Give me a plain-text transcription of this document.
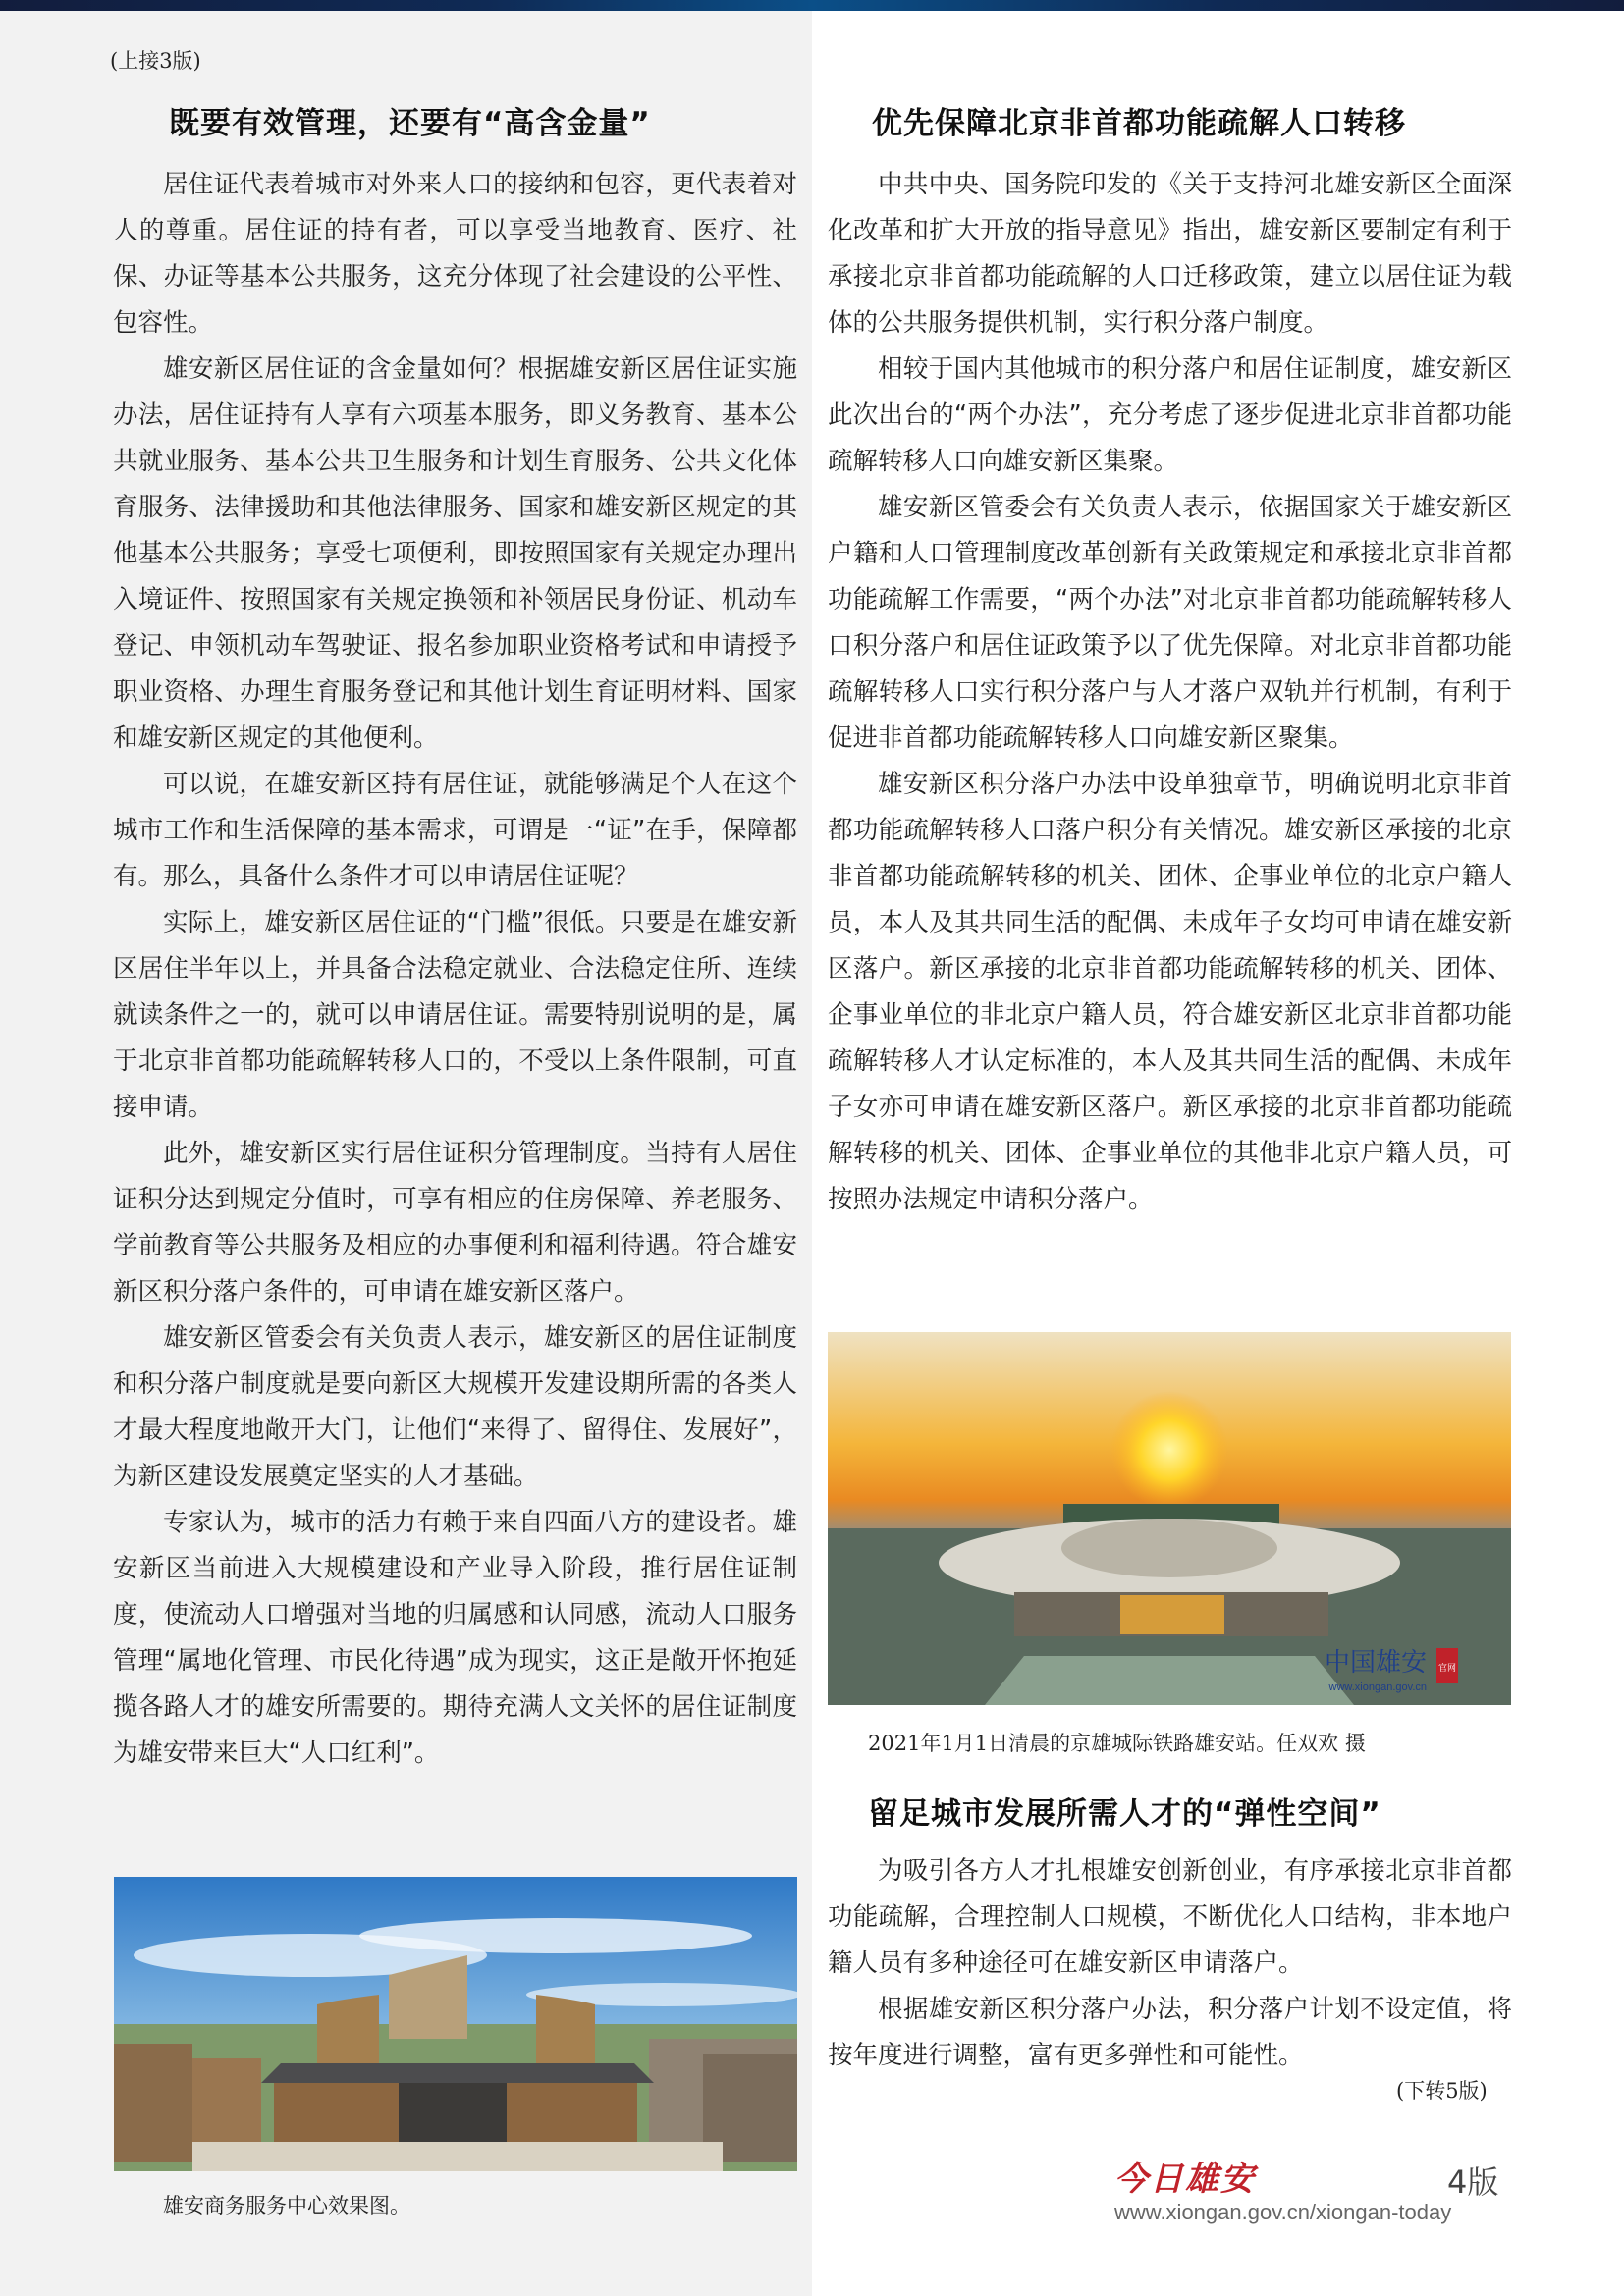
(上接3版)
既要有效管理，还要有“高含金量”

居住证代表着城市对外来人口的接纳和包容，更代表着对人的尊重。居住证的持有者，可以享受当地教育、医疗、社保、办证等基本公共服务，这充分体现了社会建设的公平性、包容性。

雄安新区居住证的含金量如何？根据雄安新区居住证实施办法，居住证持有人享有六项基本服务，即义务教育、基本公共就业服务、基本公共卫生服务和计划生育服务、公共文化体育服务、法律援助和其他法律服务、国家和雄安新区规定的其他基本公共服务；享受七项便利，即按照国家有关规定办理出入境证件、按照国家有关规定换领和补领居民身份证、机动车登记、申领机动车驾驶证、报名参加职业资格考试和申请授予职业资格、办理生育服务登记和其他计划生育证明材料、国家和雄安新区规定的其他便利。

可以说，在雄安新区持有居住证，就能够满足个人在这个城市工作和生活保障的基本需求，可谓是一“证”在手，保障都有。那么，具备什么条件才可以申请居住证呢？

实际上，雄安新区居住证的“门槛”很低。只要是在雄安新区居住半年以上，并具备合法稳定就业、合法稳定住所、连续就读条件之一的，就可以申请居住证。需要特别说明的是，属于北京非首都功能疏解转移人口的，不受以上条件限制，可直接申请。

此外，雄安新区实行居住证积分管理制度。当持有人居住证积分达到规定分值时，可享有相应的住房保障、养老服务、学前教育等公共服务及相应的办事便利和福利待遇。符合雄安新区积分落户条件的，可申请在雄安新区落户。

雄安新区管委会有关负责人表示，雄安新区的居住证制度和积分落户制度就是要向新区大规模开发建设期所需的各类人才最大程度地敞开大门，让他们“来得了、留得住、发展好”，为新区建设发展奠定坚实的人才基础。

专家认为，城市的活力有赖于来自四面八方的建设者。雄安新区当前进入大规模建设和产业导入阶段，推行居住证制度，使流动人口增强对当地的归属感和认同感，流动人口服务管理“属地化管理、市民化待遇”成为现实，这正是敞开怀抱延揽各路人才的雄安所需要的。期待充满人文关怀的居住证制度为雄安带来巨大“人口红利”。

雄安商务服务中心效果图。
优先保障北京非首都功能疏解人口转移

中共中央、国务院印发的《关于支持河北雄安新区全面深化改革和扩大开放的指导意见》指出，雄安新区要制定有利于承接北京非首都功能疏解的人口迁移政策，建立以居住证为载体的公共服务提供机制，实行积分落户制度。

相较于国内其他城市的积分落户和居住证制度，雄安新区此次出台的“两个办法”，充分考虑了逐步促进北京非首都功能疏解转移人口向雄安新区集聚。

雄安新区管委会有关负责人表示，依据国家关于雄安新区户籍和人口管理制度改革创新有关政策规定和承接北京非首都功能疏解工作需要，“两个办法”对北京非首都功能疏解转移人口积分落户和居住证政策予以了优先保障。对北京非首都功能疏解转移人口实行积分落户与人才落户双轨并行机制，有利于促进非首都功能疏解转移人口向雄安新区聚集。

雄安新区积分落户办法中设单独章节，明确说明北京非首都功能疏解转移人口落户积分有关情况。雄安新区承接的北京非首都功能疏解转移的机关、团体、企事业单位的北京户籍人员，本人及其共同生活的配偶、未成年子女均可申请在雄安新区落户。新区承接的北京非首都功能疏解转移的机关、团体、企事业单位的非北京户籍人员，符合雄安新区北京非首都功能疏解转移人才认定标准的，本人及其共同生活的配偶、未成年子女亦可申请在雄安新区落户。新区承接的北京非首都功能疏解转移的机关、团体、企事业单位的其他非北京户籍人员，可按照办法规定申请积分落户。

中国雄安 官网
www.xiongan.gov.cn
2021年1月1日清晨的京雄城际铁路雄安站。任双欢 摄
留足城市发展所需人才的“弹性空间”

为吸引各方人才扎根雄安创新创业，有序承接北京非首都功能疏解，合理控制人口规模，不断优化人口结构，非本地户籍人员有多种途径可在雄安新区申请落户。

根据雄安新区积分落户办法，积分落户计划不设定值，将按年度进行调整，富有更多弹性和可能性。

(下转5版)
今日雄安	4版
www.xiongan.gov.cn/xiongan-today
